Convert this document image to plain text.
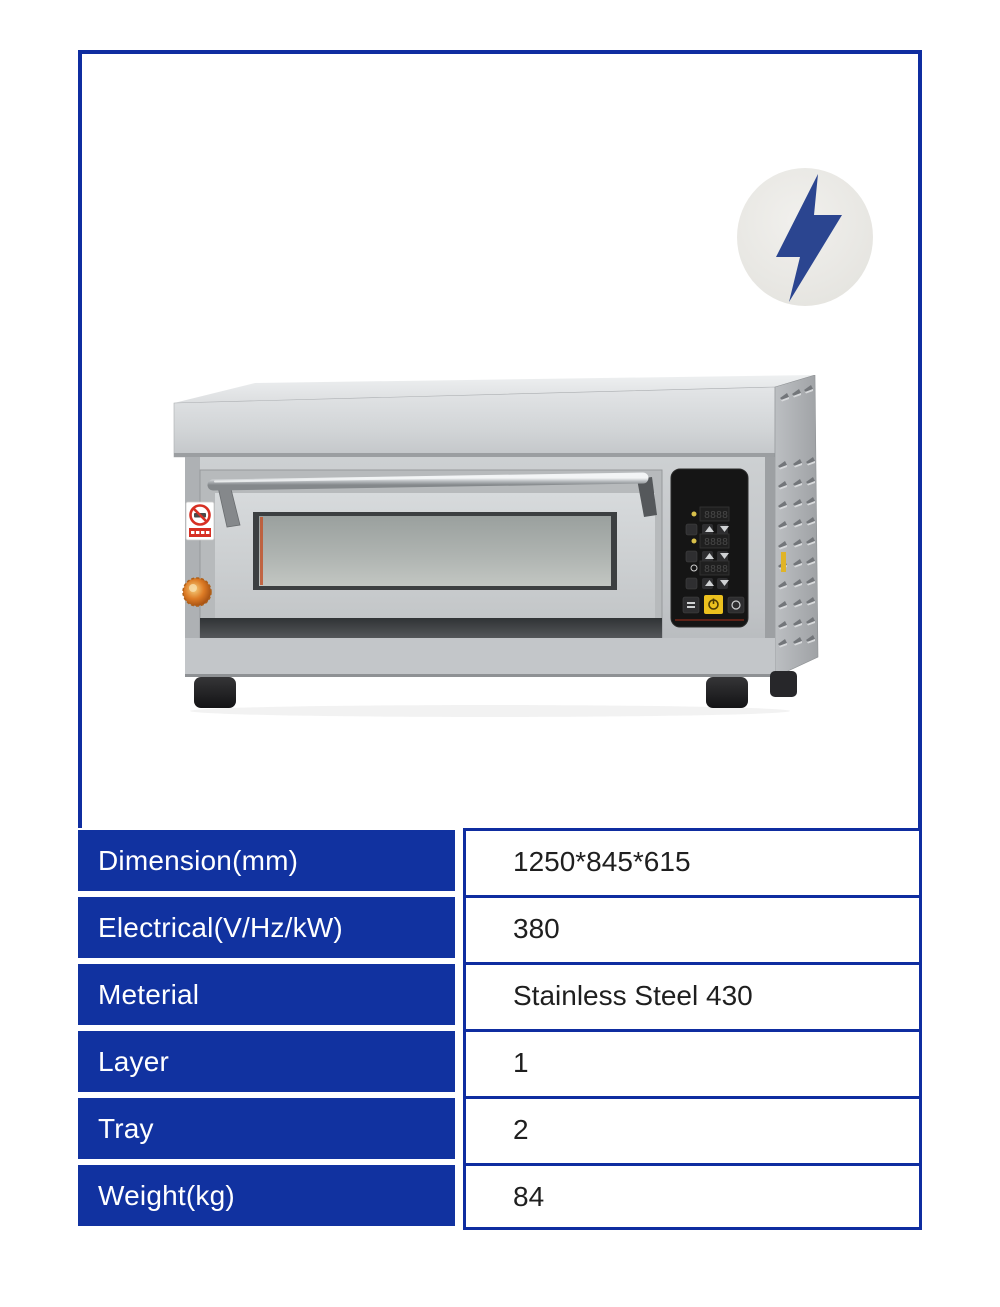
8888
8888
8888
Dimension(mm)
Electrical(V/Hz/kW)
Meterial
Layer
Tray
Weight(kg)
1250*845*615
380
Stainless Steel 430
1
2
84
